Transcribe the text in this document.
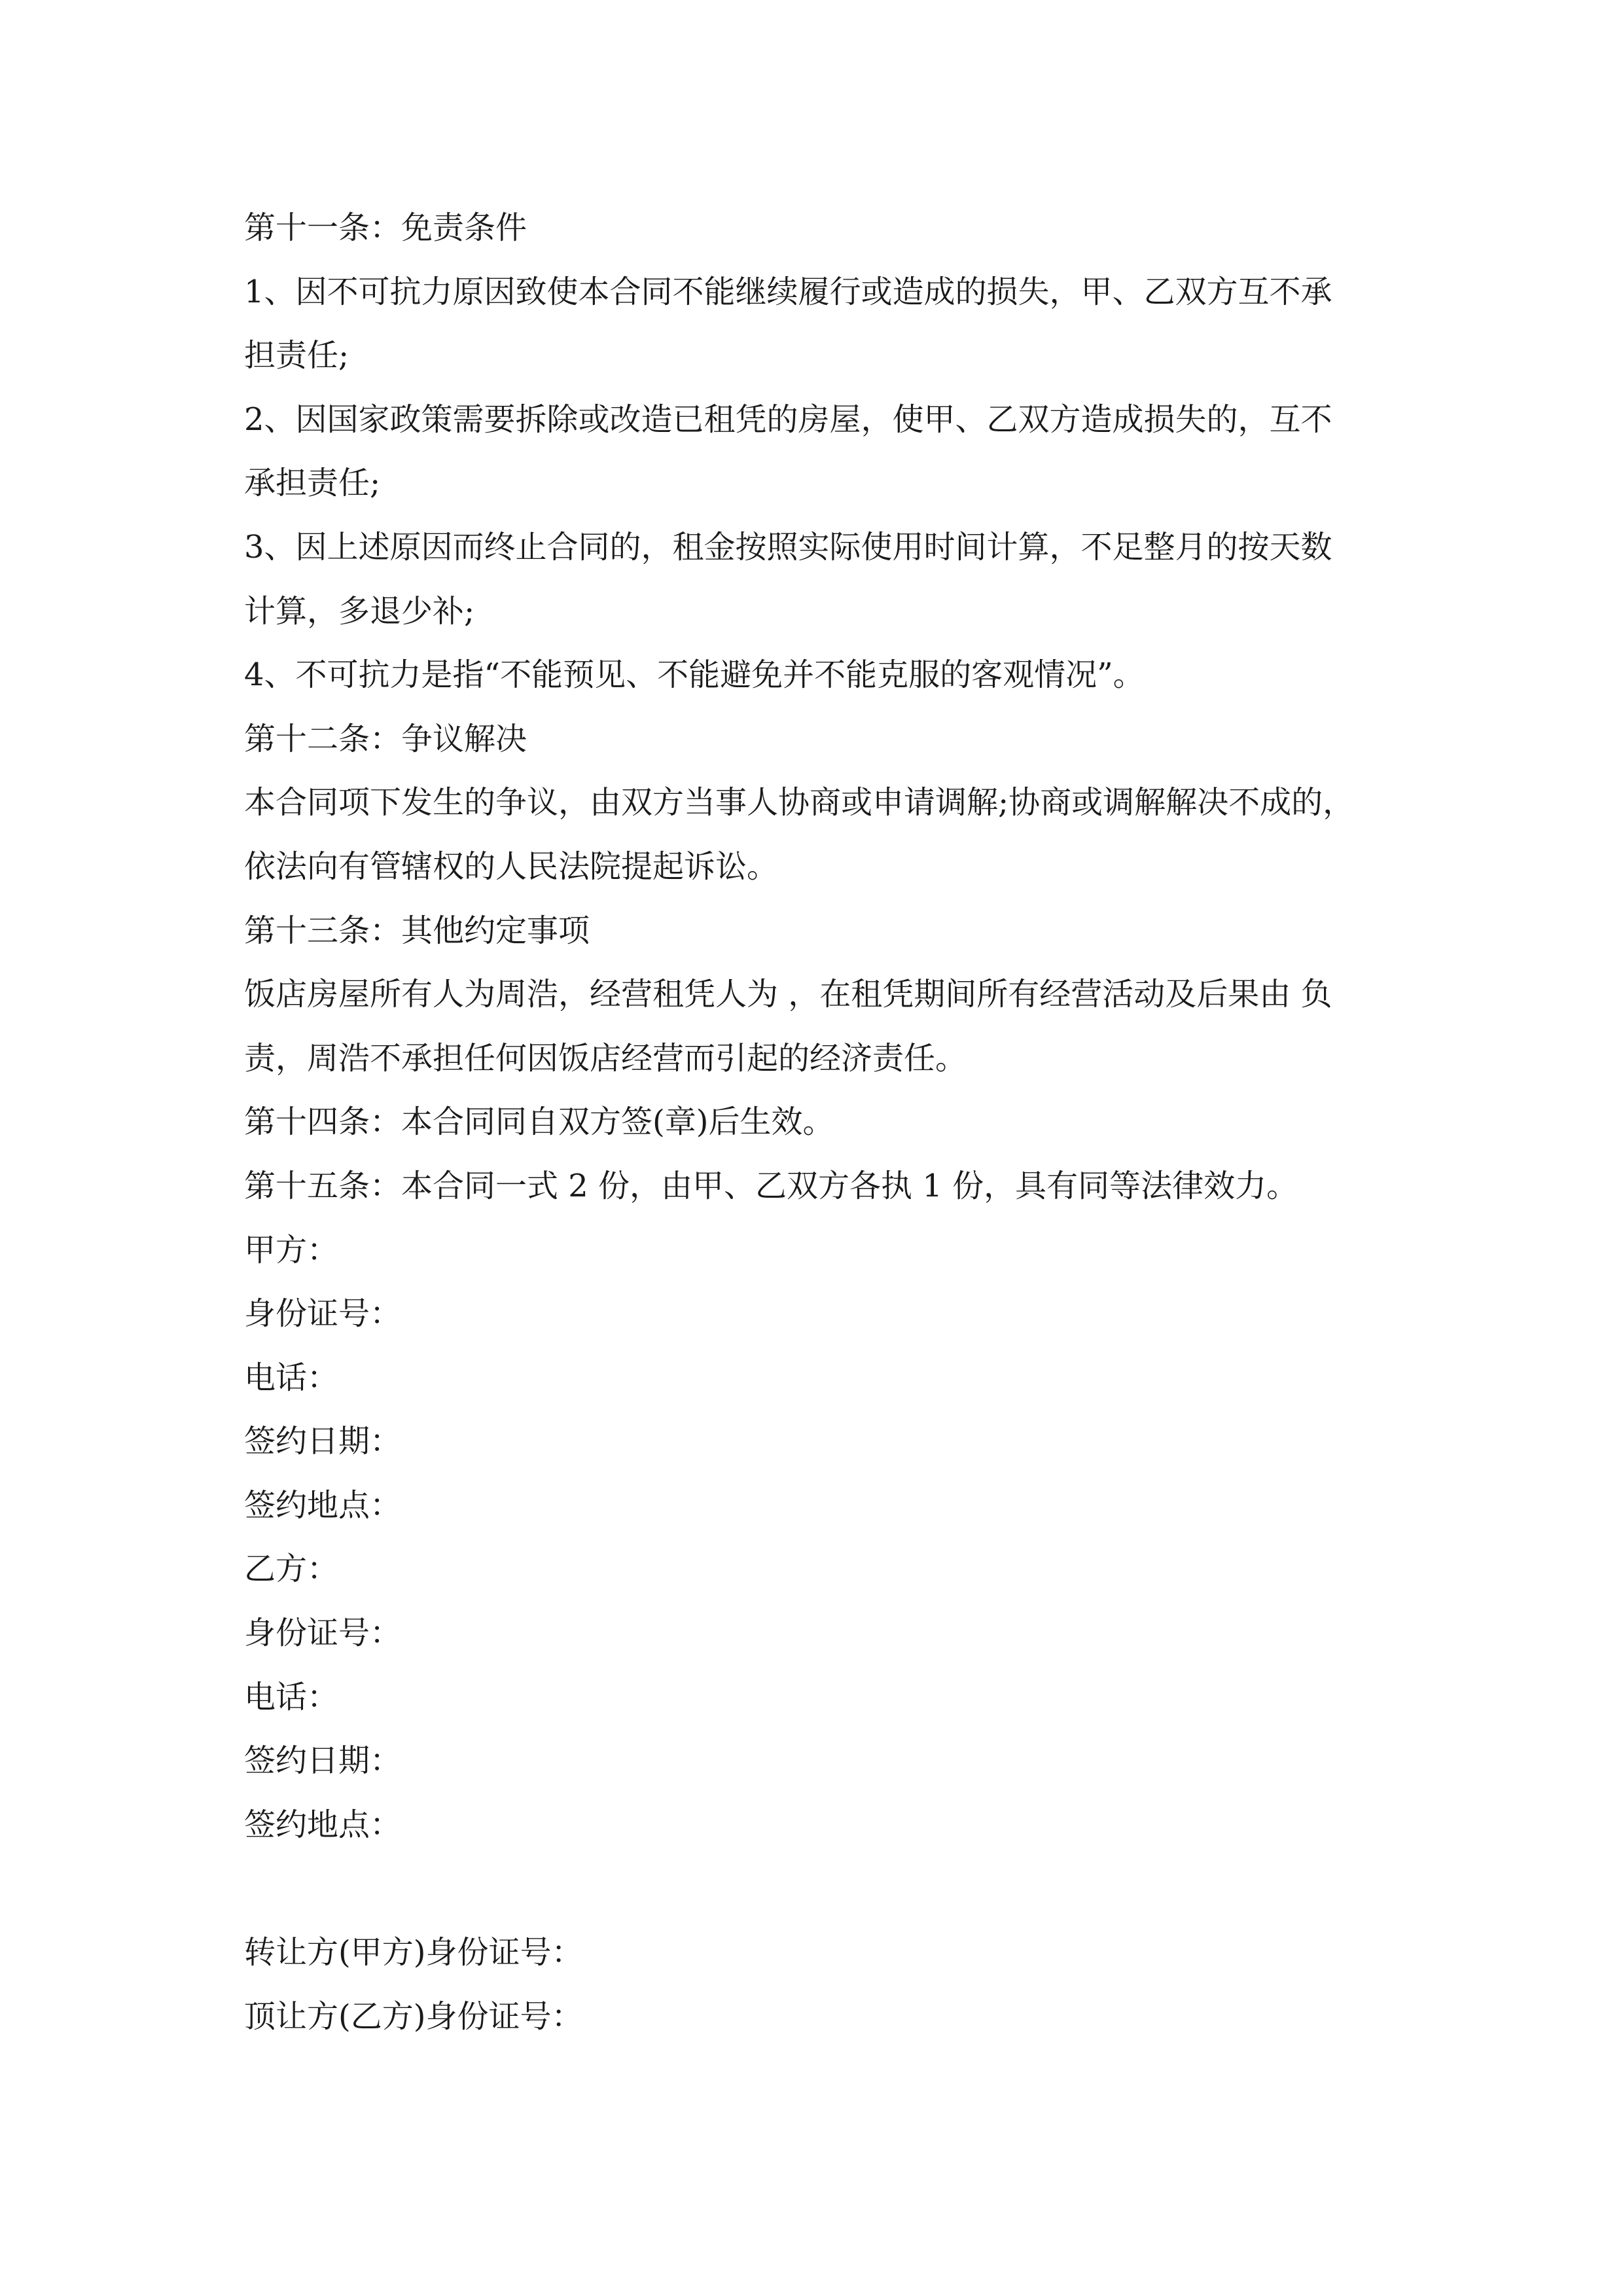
第十一条：免责条件
1、因不可抗力原因致使本合同不能继续履行或造成的损失，甲、乙双方互不承
担责任;
2、因国家政策需要拆除或改造已租凭的房屋，使甲、乙双方造成损失的，互不
承担责任;
3、因上述原因而终止合同的，租金按照实际使用时间计算，不足整月的按天数
计算，多退少补;
4、不可抗力是指“不能预见、不能避免并不能克服的客观情况”。
第十二条：争议解决
本合同项下发生的争议，由双方当事人协商或申请调解;协商或调解解决不成的，
依法向有管辖权的人民法院提起诉讼。
第十三条：其他约定事项
饭店房屋所有人为周浩，经营租凭人为 ，在租凭期间所有经营活动及后果由 负
责，周浩不承担任何因饭店经营而引起的经济责任。
第十四条：本合同同自双方签(章)后生效。
第十五条：本合同一式 2 份，由甲、乙双方各执 1 份，具有同等法律效力。
甲方：
身份证号：
电话：
签约日期：
签约地点：
乙方：
身份证号：
电话：
签约日期：
签约地点：
转让方(甲方)身份证号：
顶让方(乙方)身份证号：
